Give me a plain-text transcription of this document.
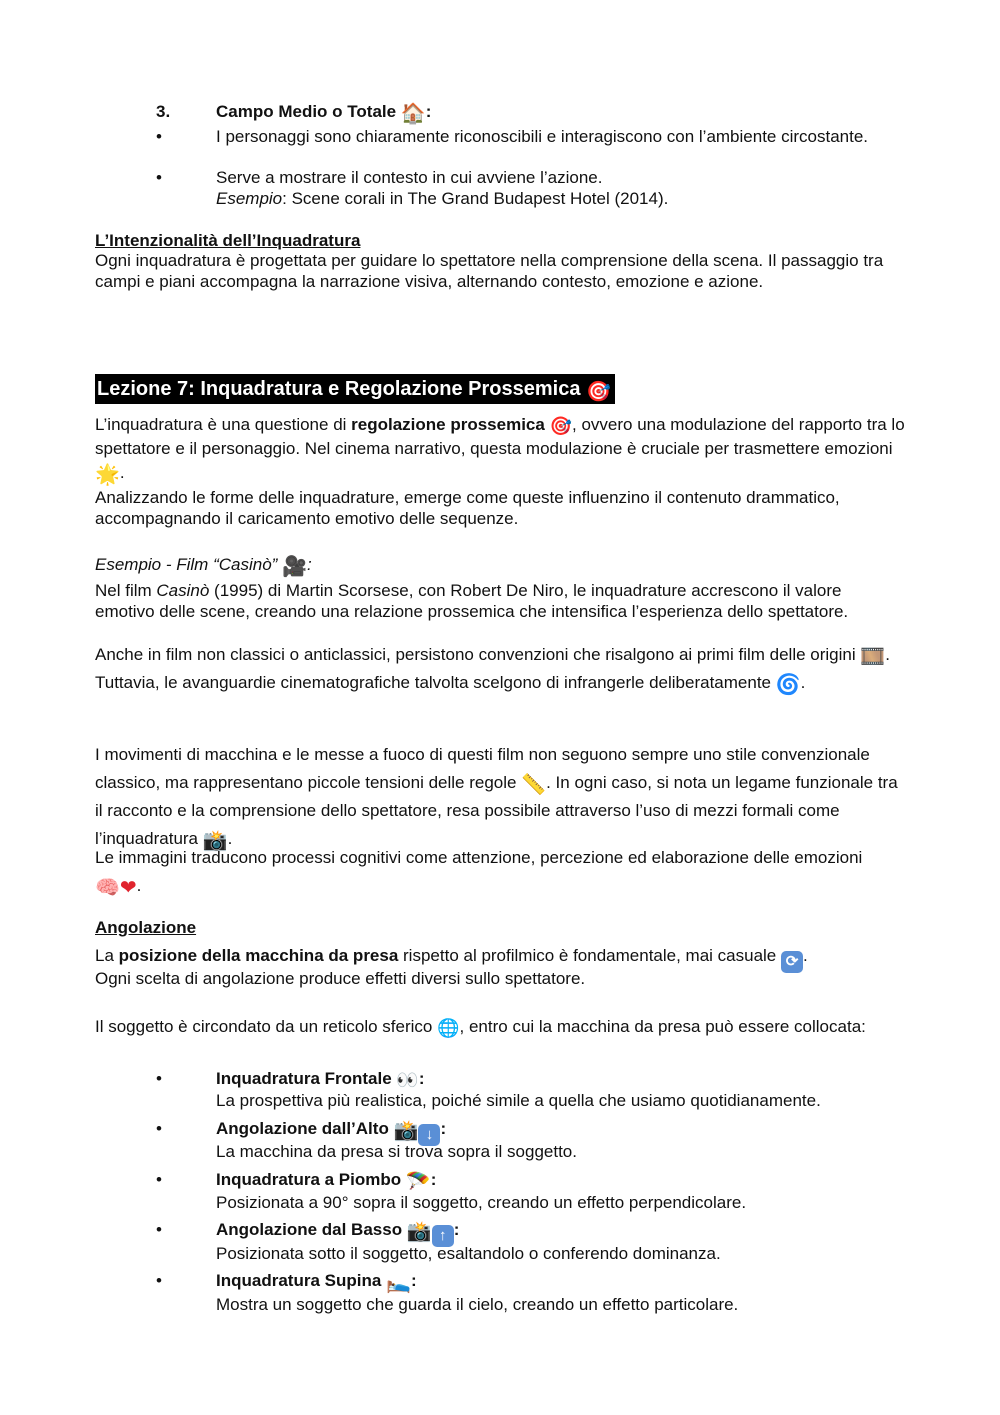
3.	Campo Medio o Totale 🏠:
•	I personaggi sono chiaramente riconoscibili e interagiscono con l’ambiente circostante.
•	Serve a mostrare il contesto in cui avviene l’azione.
Esempio: Scene corali in The Grand Budapest Hotel (2014).
L’Intenzionalità dell’Inquadratura
Ogni inquadratura è progettata per guidare lo spettatore nella comprensione della scena. Il passaggio tra campi e piani accompagna la narrazione visiva, alternando contesto, emozione e azione.
Lezione 7: Inquadratura e Regolazione Prossemica 🎯
L’inquadratura è una questione di regolazione prossemica 🎯, ovvero una modulazione del rapporto tra lo spettatore e il personaggio. Nel cinema narrativo, questa modulazione è cruciale per trasmettere emozioni 🌟.
Analizzando le forme delle inquadrature, emerge come queste influenzino il contenuto drammatico, accompagnando il caricamento emotivo delle sequenze.
Esempio - Film “Casinò” 🎥:
Nel film Casinò (1995) di Martin Scorsese, con Robert De Niro, le inquadrature accrescono il valore emotivo delle scene, creando una relazione prossemica che intensifica l’esperienza dello spettatore.
Anche in film non classici o anticlassici, persistono convenzioni che risalgono ai primi film delle origini 🎞️. Tuttavia, le avanguardie cinematografiche talvolta scelgono di infrangerle deliberatamente 🌀.
I movimenti di macchina e le messe a fuoco di questi film non seguono sempre uno stile convenzionale classico, ma rappresentano piccole tensioni delle regole 📏. In ogni caso, si nota un legame funzionale tra il racconto e la comprensione dello spettatore, resa possibile attraverso l’uso di mezzi formali come l’inquadratura 📸.
Le immagini traducono processi cognitivi come attenzione, percezione ed elaborazione delle emozioni 🧠❤.
Angolazione
La posizione della macchina da presa rispetto al profilmico è fondamentale, mai casuale ⟳ .
Ogni scelta di angolazione produce effetti diversi sullo spettatore.
Il soggetto è circondato da un reticolo sferico 🌐, entro cui la macchina da presa può essere collocata:
•	Inquadratura Frontale 👀:
La prospettiva più realistica, poiché simile a quella che usiamo quotidianamente.
•	Angolazione dall’Alto 📸 ↓ :
La macchina da presa si trova sopra il soggetto.
•	Inquadratura a Piombo 🪂:
Posizionata a 90° sopra il soggetto, creando un effetto perpendicolare.
•	Angolazione dal Basso 📸 ↑ :
Posizionata sotto il soggetto, esaltandolo o conferendo dominanza.
•	Inquadratura Supina 🛌:
Mostra un soggetto che guarda il cielo, creando un effetto particolare.
